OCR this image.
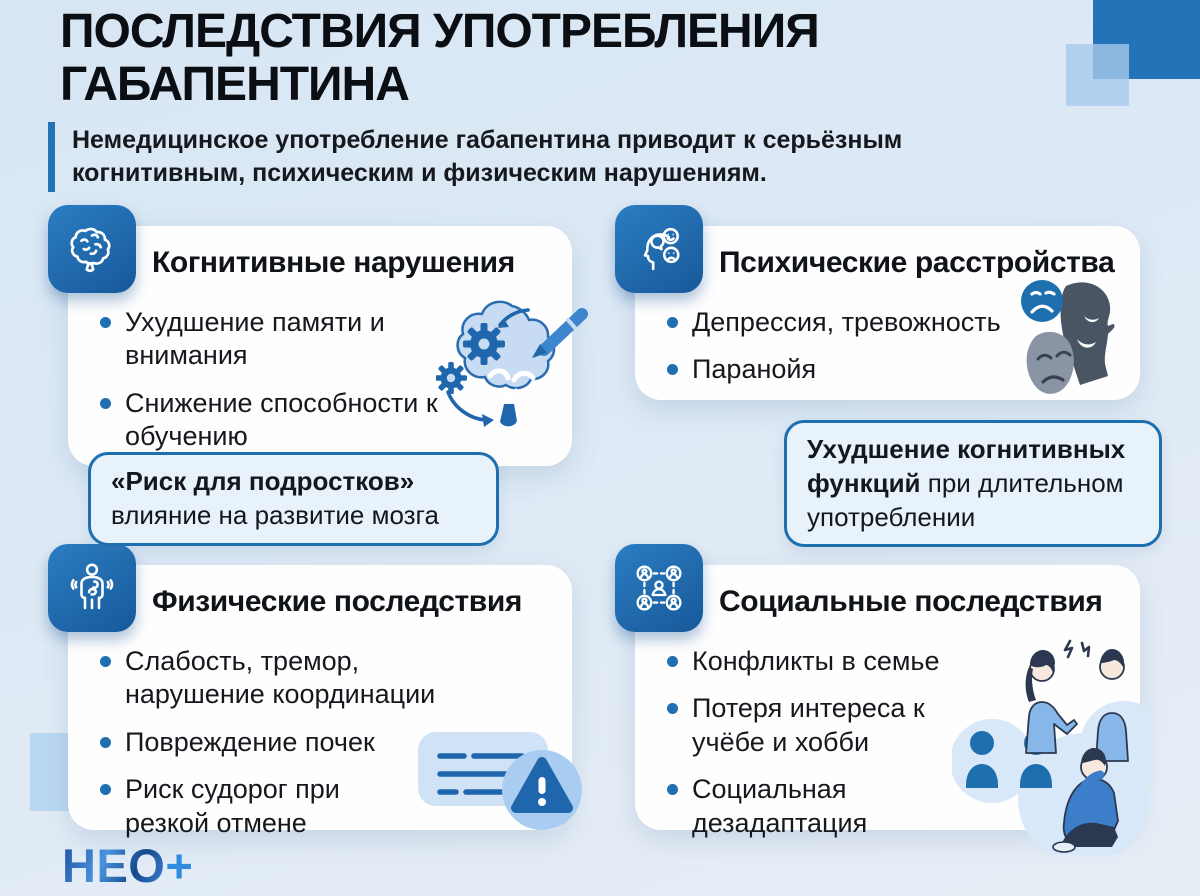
ПОСЛЕДСТВИЯ УПОТРЕБЛЕНИЯ
ГАБАПЕНТИНА
Немедицинское употребление габапентина приводит к серьёзным когнитивным, психическим и физическим нарушениям.
Когнитивные нарушения
Ухудшение памяти и внимания
Снижение способности к обучению
«Риск для подростков»
влияние на развитие мозга
Психические расстройства
Депрессия, тревожность
Паранойя
Ухудшение когнитивных функций при длительном употреблении
Физические последствия
Слабость, тремор, нарушение координации
Повреждение почек
Риск судорог при резкой отмене
Социальные последствия
Конфликты в семье
Потеря интереса к учёбе и хобби
Социальная дезадаптация
НЕО+
